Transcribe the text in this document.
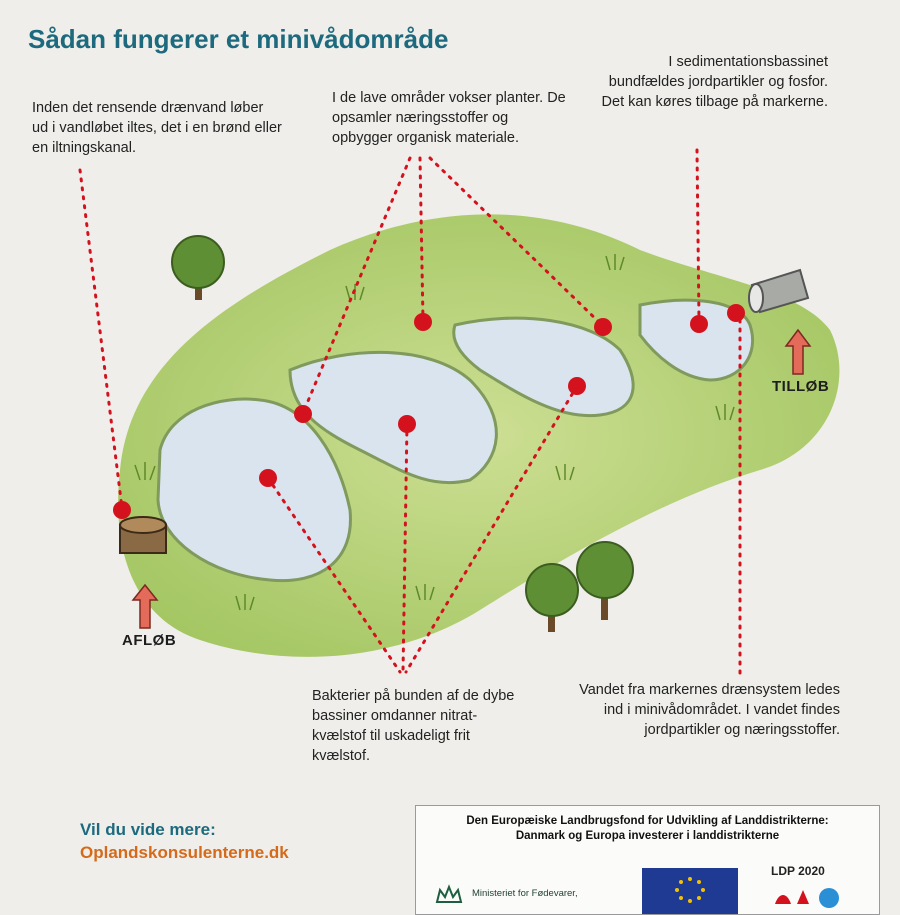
Sådan fungerer et minivådområde
Inden det rensende drænvand løber ud i vandløbet iltes, det i en brønd eller en iltningskanal.
I de lave områder vokser planter. De opsamler næringsstoffer og opbygger organisk materiale.
I sedimentationsbassinet bundfældes jordpartikler og fosfor. Det kan køres tilbage på markerne.
Bakterier på bunden af de dybe bassiner omdanner nitrat-kvælstof til uskadeligt frit kvælstof.
Vandet fra markernes drænsystem ledes ind i minivådområdet. I vandet findes jordpartikler og næringsstoffer.
AFLØB
TILLØB
Vil du vide mere:
Oplandskonsulenterne.dk
Den Europæiske Landbrugsfond for Udvikling af Landdistrikterne:
Danmark og Europa investerer i landdistrikterne
Ministeriet for Fødevarer,
LDP 2020
